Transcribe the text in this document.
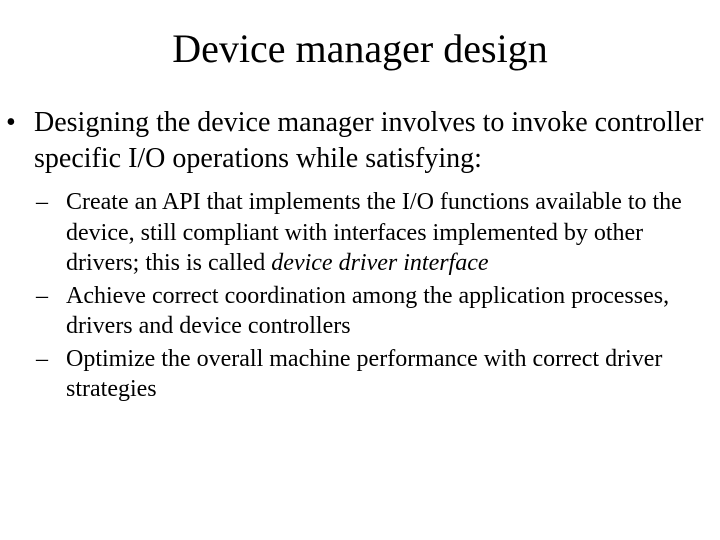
Device manager design
• Designing the device manager involves to invoke controller specific I/O operations while satisfying:
– Create an API that implements the I/O functions available to the device, still compliant with interfaces implemented by other drivers; this is called device driver interface
– Achieve correct coordination among the application processes, drivers and device controllers
– Optimize the overall machine performance with correct driver strategies
